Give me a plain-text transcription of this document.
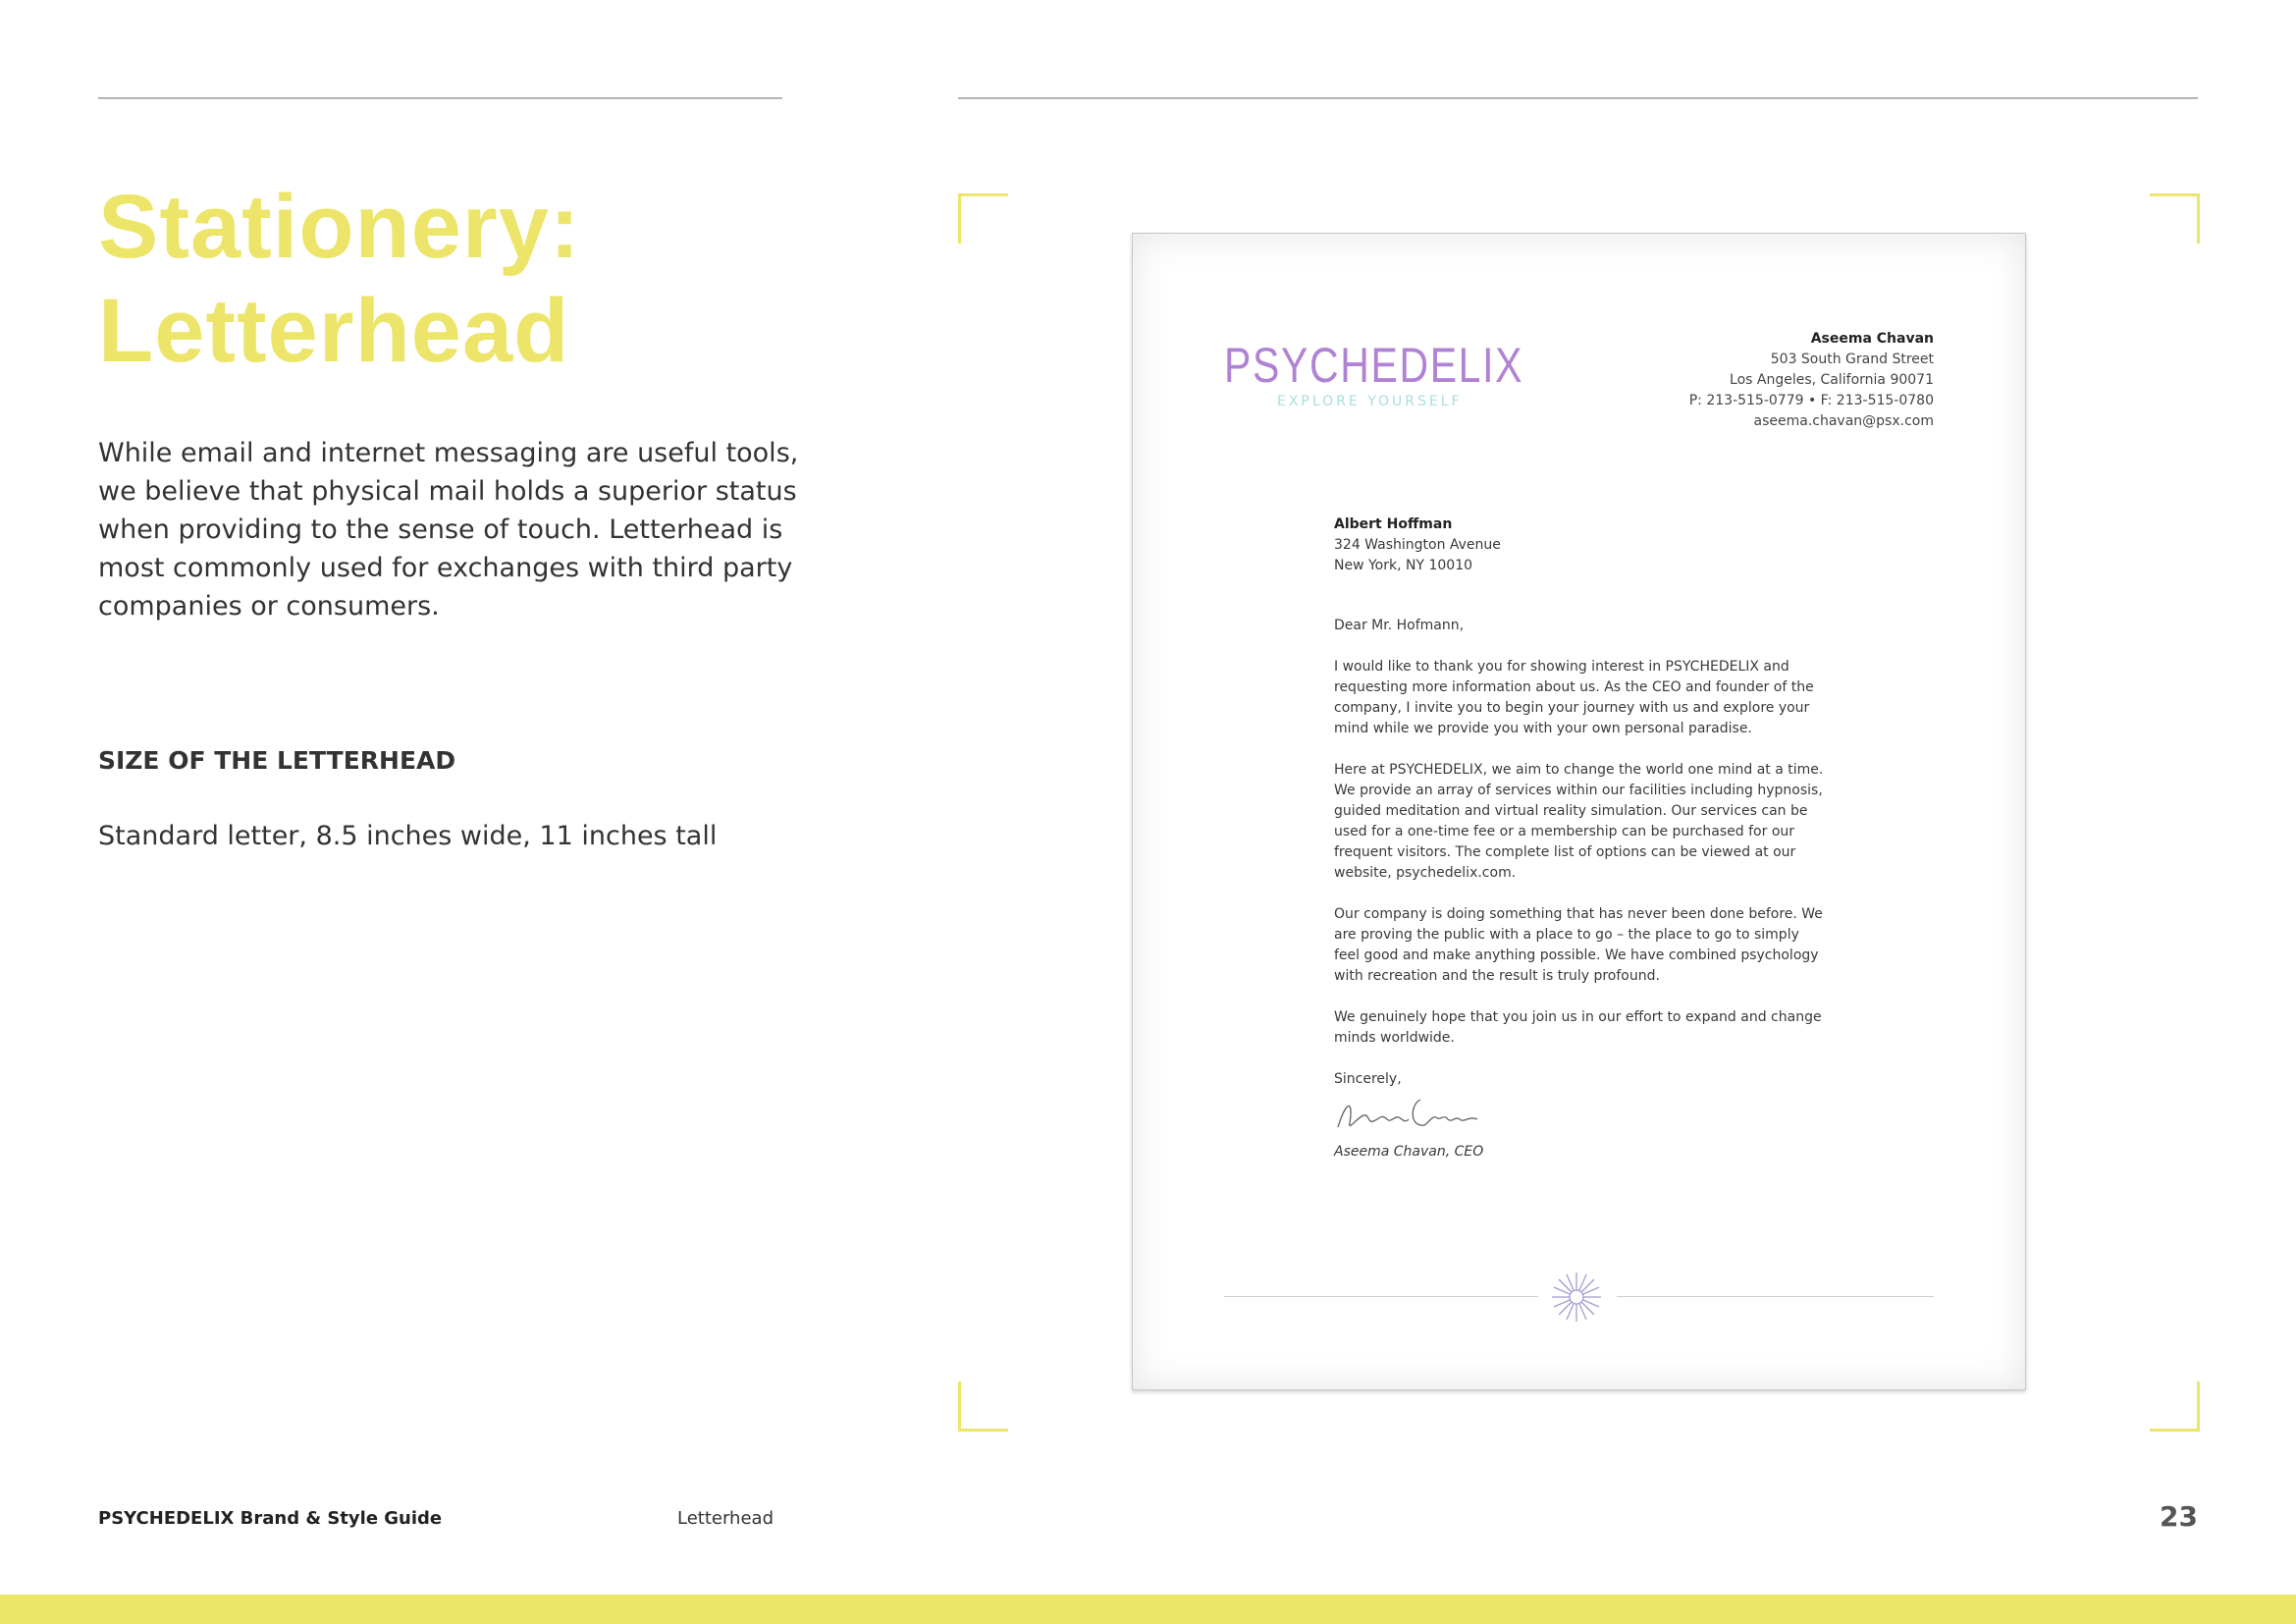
Stationery:
Letterhead
While email and internet messaging are useful tools, we believe that physical mail holds a superior status when providing to the sense of touch. Letterhead is most commonly used for exchanges with third party companies or consumers.
SIZE OF THE LETTERHEAD
Standard letter, 8.5 inches wide, 11 inches tall
PSYCHEDELIX
EXPLORE YOURSELF
Aseema Chavan
503 South Grand Street
Los Angeles, California 90071
P: 213-515-0779 • F: 213-515-0780
aseema.chavan@psx.com

Albert Hoffman
324 Washington Avenue
New York, NY 10010

Dear Mr. Hofmann,

I would like to thank you for showing interest in PSYCHEDELIX and requesting more information about us. As the CEO and founder of the company, I invite you to begin your journey with us and explore your mind while we provide you with your own personal paradise.

Here at PSYCHEDELIX, we aim to change the world one mind at a time. We provide an array of services within our facilities including hypnosis, guided meditation and virtual reality simulation. Our services can be used for a one-time fee or a membership can be purchased for our frequent visitors. The complete list of options can be viewed at our website, psychedelix.com.

Our company is doing something that has never been done before. We are proving the public with a place to go – the place to go to simply feel good and make anything possible. We have combined psychology with recreation and the result is truly profound.

We genuinely hope that you join us in our effort to expand and change minds worldwide.

Sincerely,

Aseema Chavan, CEO

PSYCHEDELIX Brand & Style Guide	Letterhead	23
